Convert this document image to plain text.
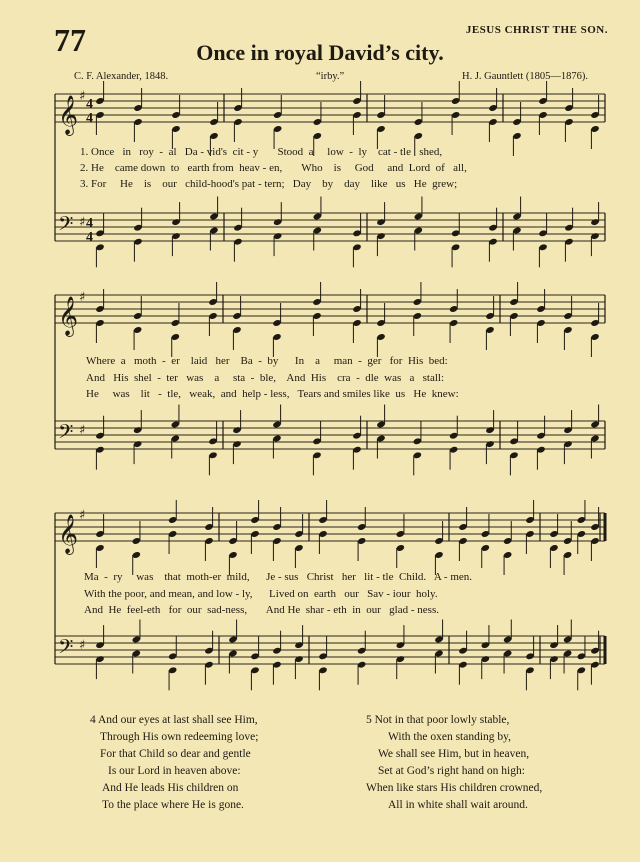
77	JESUS CHRIST THE SON.
Once in royal David’s city.
C. F. Alexander, 1848.	“irby.”	H. J. Gauntlett (1805—1876).
𝄞 ♯
𝄢 ♯
𝄞 ♯
𝄢 ♯
𝄞 ♯
𝄢 ♯
4
4
4
4
1. Once   in   roy  -  al   Da - vid's  cit - y       Stood  a     low  -  ly    cat - tle   shed,
2. He    came down  to   earth from  heav - en,       Who    is     God     and  Lord  of   all,
3. For     He    is    our   child-hood's pat - tern;   Day    by    day    like   us   He  grew;
Where  a   moth  -  er    laid   her    Ba  -  by      In    a     man  -  ger   for  His  bed:
And   His  shel  -  ter   was    a     sta  -  ble,    And  His    cra  -  dle  was   a   stall:
He     was    lit   -  tle,   weak,  and  help - less,   Tears and smiles like  us   He  knew:
Ma  -  ry     was    that  moth-er  mild,      Je - sus   Christ   her   lit - tle  Child.   A - men.
With the poor, and mean, and low - ly,      Lived on  earth   our   Sav - iour  holy.
And  He  feel-eth   for  our  sad-ness,       And He  shar - eth  in  our   glad - ness.
4 And our eyes at last shall see Him,
Through His own redeeming love;
For that Child so dear and gentle
Is our Lord in heaven above:
And He leads His children on
To the place where He is gone.
5 Not in that poor lowly stable,
With the oxen standing by,
We shall see Him, but in heaven,
Set at God’s right hand on high:
When like stars His children crowned,
All in white shall wait around.
